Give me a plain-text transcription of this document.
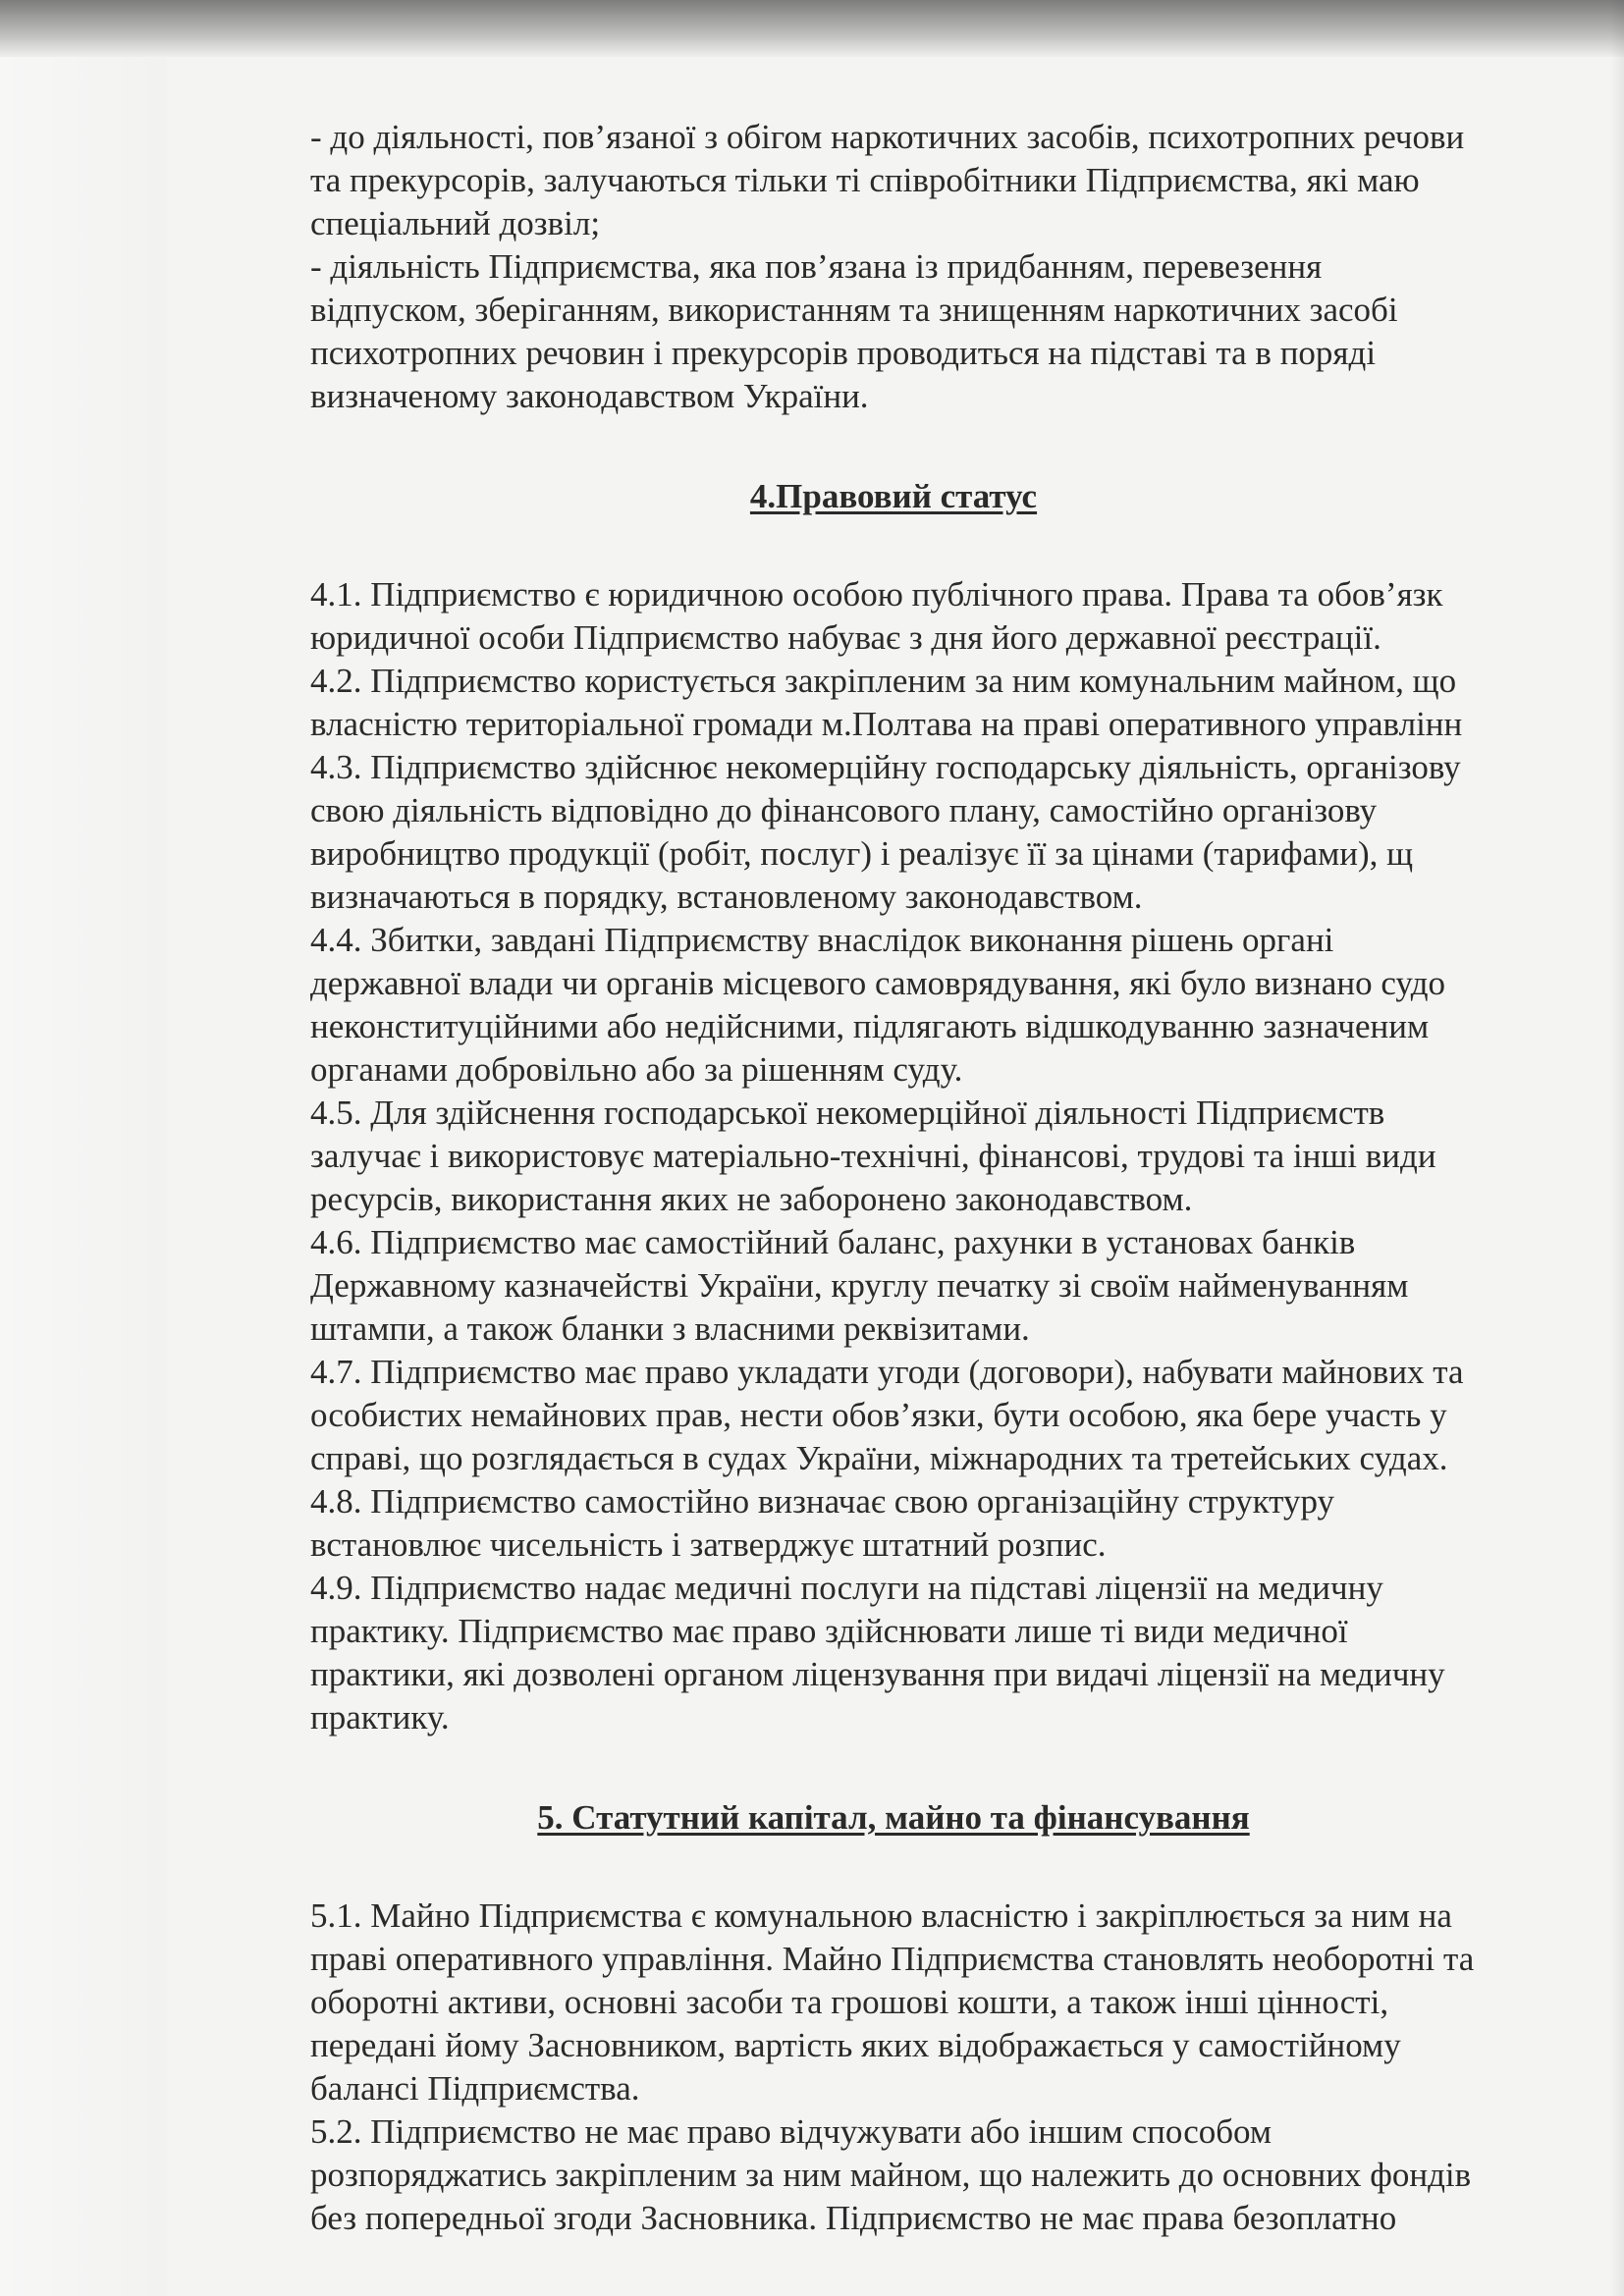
- до діяльності, пов’язаної з обігом наркотичних засобів, психотропних речови
та прекурсорів, залучаються тільки ті співробітники Підприємства, які маю
спеціальний дозвіл;
- діяльність Підприємства, яка пов’язана із придбанням, перевезення
відпуском, зберіганням, використанням та знищенням наркотичних засобі
психотропних речовин і прекурсорів проводиться на підставі та в поряді
визначеному законодавством України.
4.Правовий статус
4.1. Підприємство є юридичною особою публічного права. Права та обов’язк
юридичної особи Підприємство набуває з дня його державної реєстрації.
4.2. Підприємство користується закріпленим за ним комунальним майном, що
власністю територіальної громади м.Полтава на праві оперативного управлінн
4.3. Підприємство здійснює некомерційну господарську діяльність, організову
свою діяльність відповідно до фінансового плану, самостійно організову
виробництво продукції (робіт, послуг) і реалізує її за цінами (тарифами), щ
визначаються в порядку, встановленому законодавством.
4.4. Збитки, завдані Підприємству внаслідок виконання рішень органі
державної влади чи органів місцевого самоврядування, які було визнано судо
неконституційними або недійсними, підлягають відшкодуванню зазначеним
органами добровільно або за рішенням суду.
4.5. Для здійснення господарської некомерційної діяльності Підприємств
залучає і використовує матеріально-технічні, фінансові, трудові та інші види
ресурсів, використання яких не заборонено законодавством.
4.6. Підприємство має самостійний баланс, рахунки в установах банків
Державному казначействі України, круглу печатку зі своїм найменуванням
штампи, а також бланки з власними реквізитами.
4.7. Підприємство має право укладати угоди (договори), набувати майнових та
особистих немайнових прав, нести обов’язки, бути особою, яка бере участь у
справі, що розглядається в судах України, міжнародних та третейських судах.
4.8. Підприємство самостійно визначає свою організаційну структуру
встановлює чисельність і затверджує штатний розпис.
4.9. Підприємство надає медичні послуги на підставі ліцензії на медичну
практику. Підприємство має право здійснювати лише ті види медичної
практики, які дозволені органом ліцензування при видачі ліцензії на медичну
практику.
5. Статутний капітал, майно та фінансування
5.1. Майно Підприємства є комунальною власністю і закріплюється за ним на
праві оперативного управління. Майно Підприємства становлять необоротні та
оборотні активи, основні засоби та грошові кошти, а також інші цінності,
передані йому Засновником, вартість яких відображається у самостійному
балансі Підприємства.
5.2. Підприємство не має право відчужувати або іншим способом
розпоряджатись закріпленим за ним майном, що належить до основних фондів
без попередньої згоди Засновника. Підприємство не має права безоплатно
